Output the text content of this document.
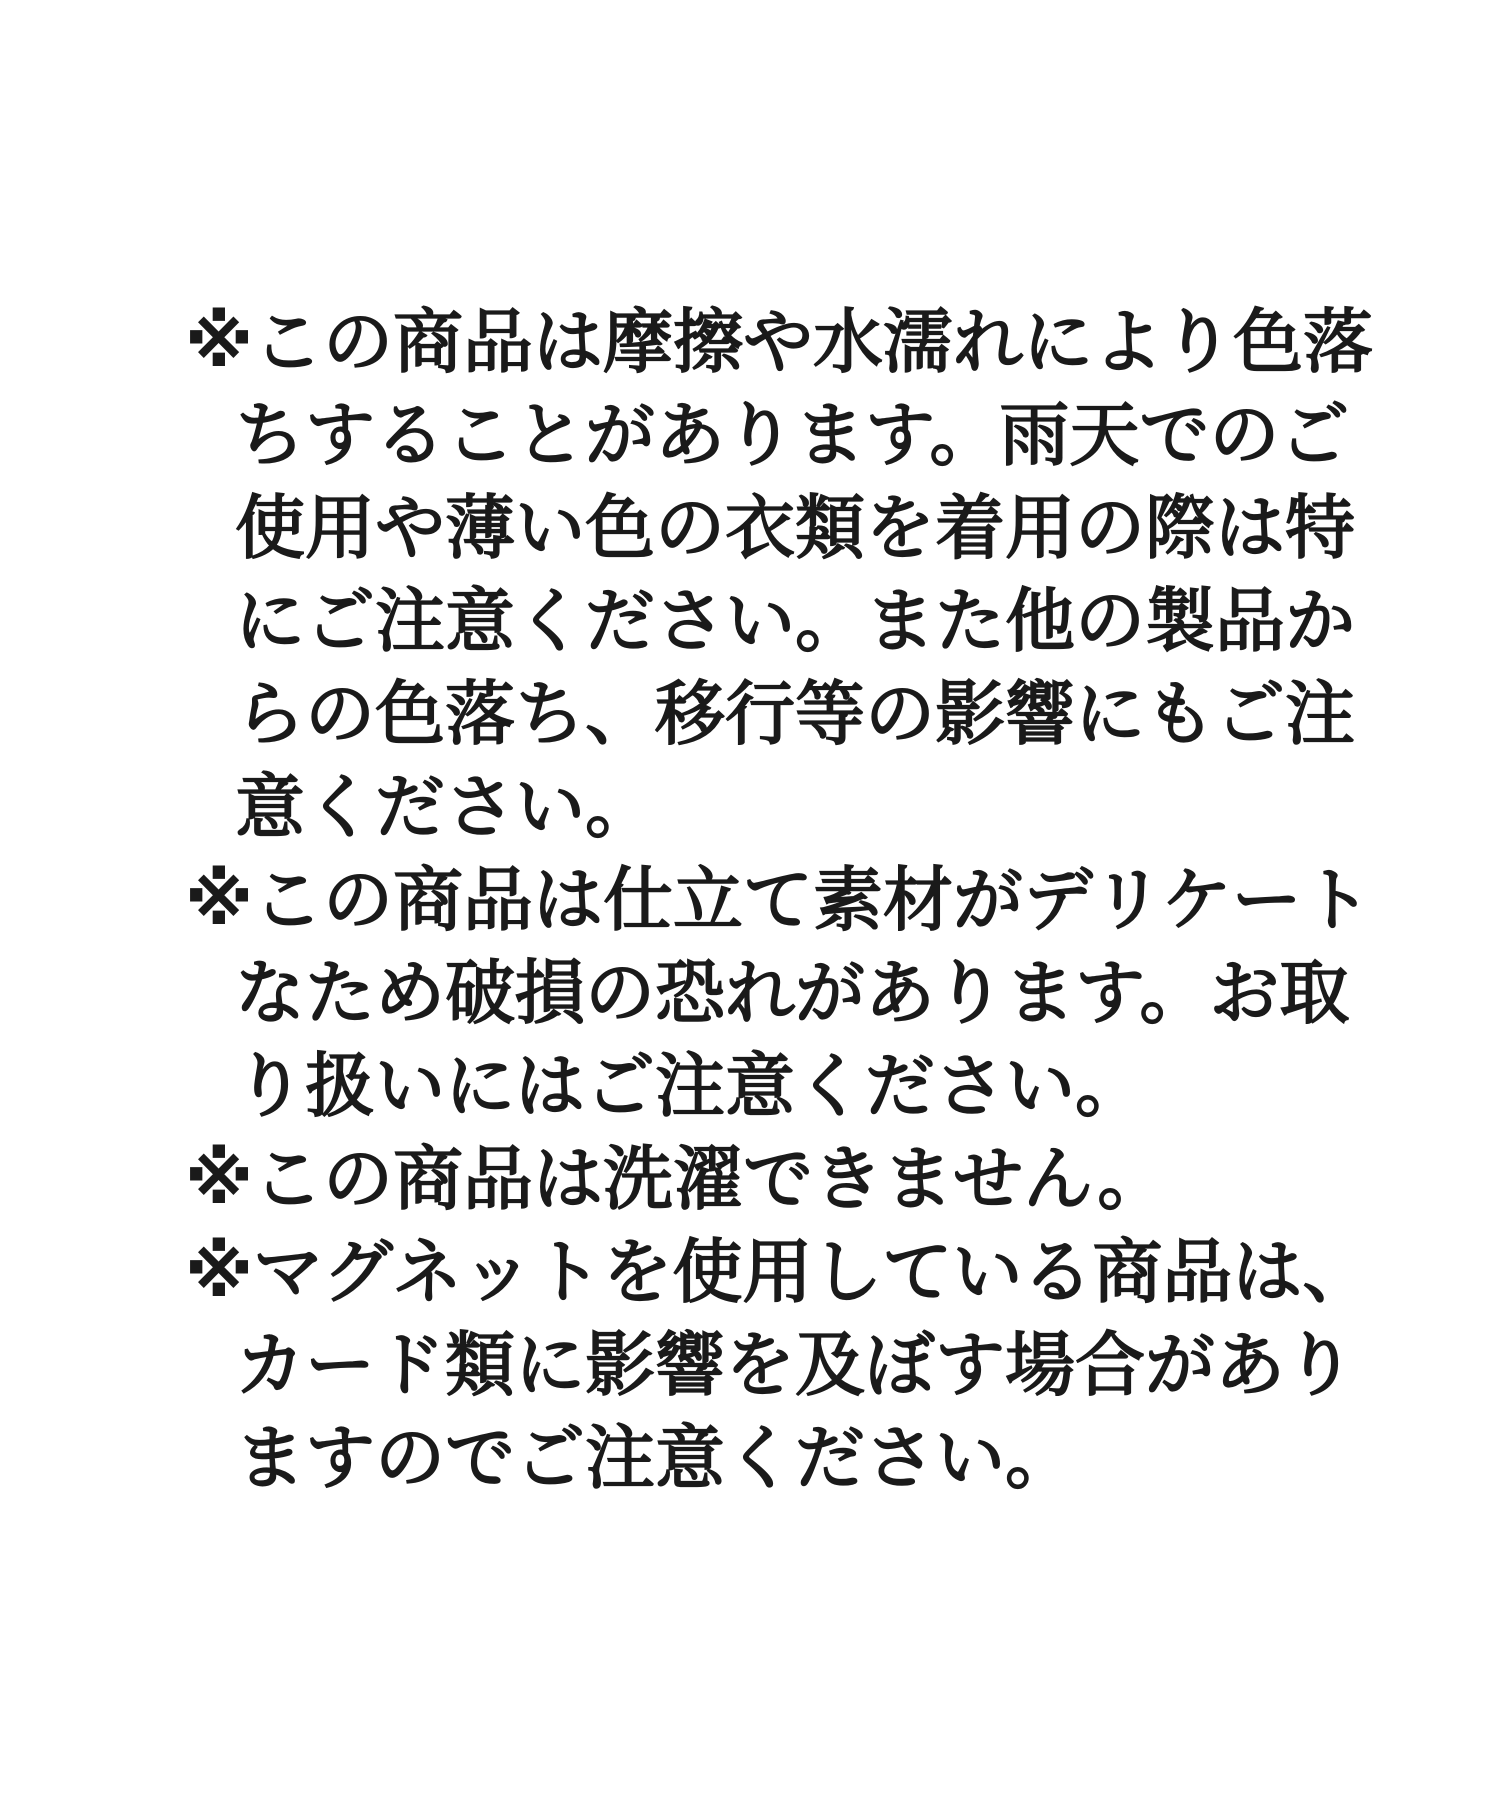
※この商品は摩擦や水濡れにより色落
ちすることがあります。雨天でのご
使用や薄い色の衣類を着用の際は特
にご注意ください。また他の製品か
らの色落ち、移行等の影響にもご注
意ください。
※この商品は仕立て素材がデリケート
なため破損の恐れがあります。お取
り扱いにはご注意ください。
※この商品は洗濯できません。
※マグネットを使用している商品は、
カード類に影響を及ぼす場合があり
ますのでご注意ください。
